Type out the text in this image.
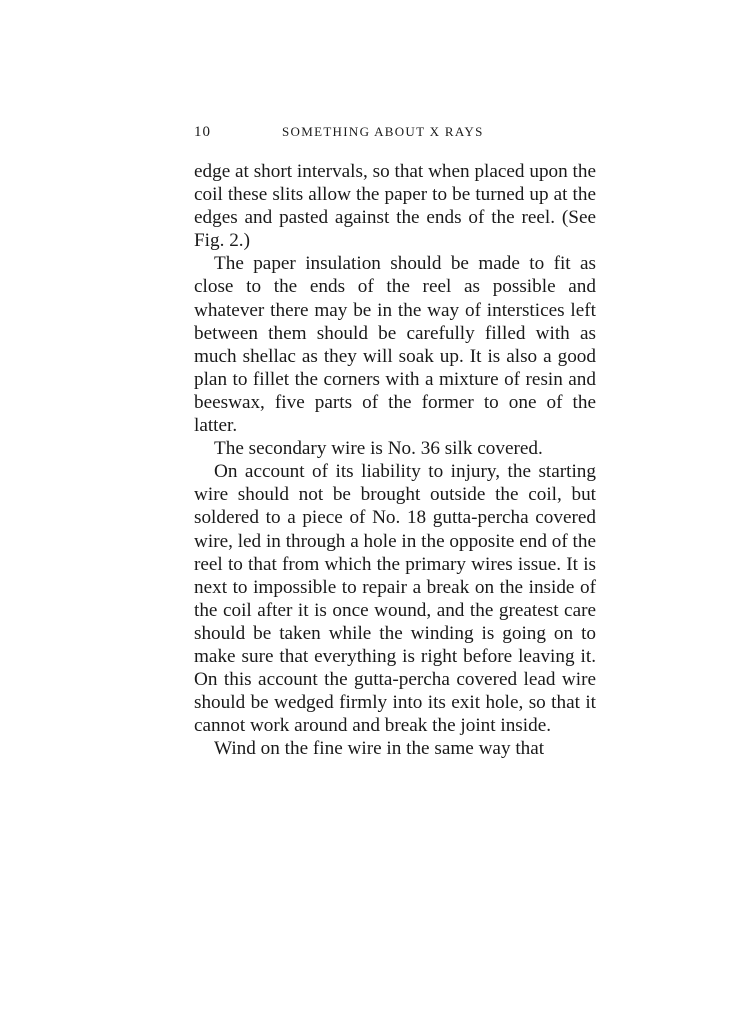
10	SOMETHING ABOUT X RAYS

edge at short intervals, so that when placed upon the coil these slits allow the paper to be turned up at the edges and pasted against the ends of the reel. (See Fig. 2.)

The paper insulation should be made to fit as close to the ends of the reel as possible and whatever there may be in the way of interstices left between them should be carefully filled with as much shellac as they will soak up. It is also a good plan to fillet the corners with a mixture of resin and beeswax, five parts of the former to one of the latter.

The secondary wire is No. 36 silk covered.

On account of its liability to injury, the starting wire should not be brought outside the coil, but soldered to a piece of No. 18 gutta-percha covered wire, led in through a hole in the opposite end of the reel to that from which the primary wires issue. It is next to impossible to repair a break on the inside of the coil after it is once wound, and the greatest care should be taken while the winding is going on to make sure that everything is right before leaving it. On this account the gutta-percha covered lead wire should be wedged firmly into its exit hole, so that it cannot work around and break the joint inside.

Wind on the fine wire in the same way that
